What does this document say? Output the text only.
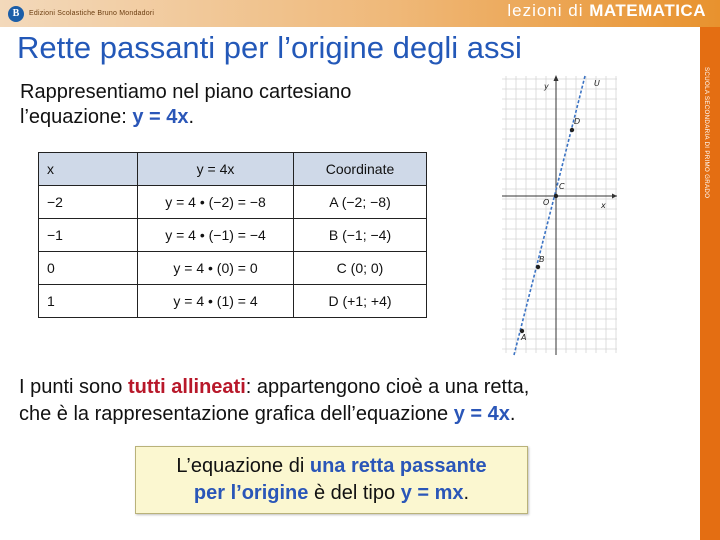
B	Edizioni Scolastiche Bruno Mondadori	lezioni di MATEMATICA
SCUOLA SECONDARIA DI PRIMO GRADO
Rette passanti per l’origine degli assi
Rappresentiamo nel piano cartesiano
l’equazione: y = 4x.
x	y = 4x	Coordinate
−2	y = 4 • (−2) = −8	A (−2; −8)
−1	y = 4 • (−1) = −4	B (−1; −4)
0	y = 4 • (0) = 0	C (0; 0)
1	y = 4 • (1) = 4	D (+1; +4)
y
x
O
U
A
B
C
D
I punti sono tutti allineati: appartengono cioè a una retta,
che è la rappresentazione grafica dell’equazione y = 4x.
L’equazione di una retta passante
per l’origine è del tipo y = mx.
